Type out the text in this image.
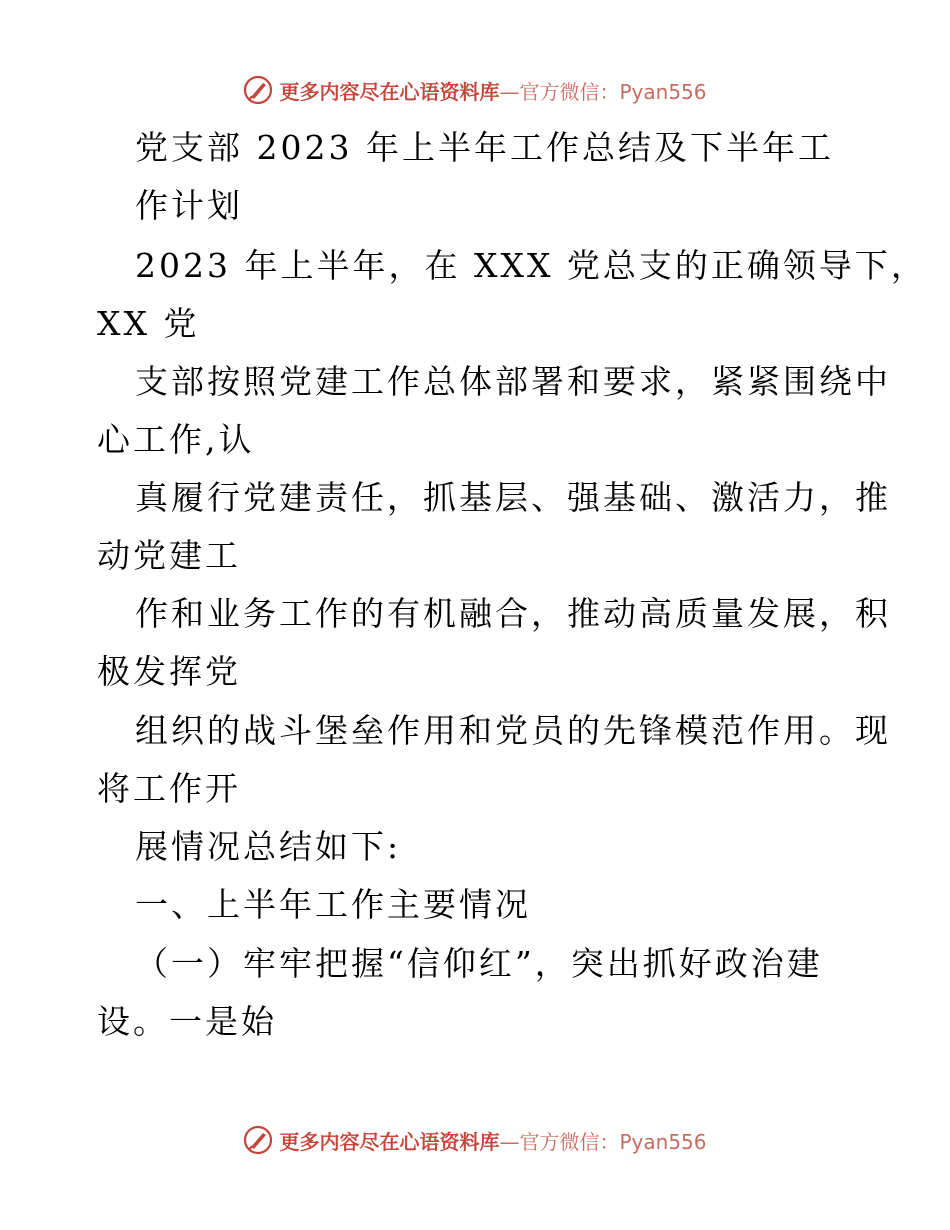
更多内容尽在心语资料库—官方微信：Pyan556
党支部 2023 年上半年工作总结及下半年工
作计划
2023 年上半年，在 XXX 党总支的正确领导下，
XX 党
支部按照党建工作总体部署和要求，紧紧围绕中
心工作,认
真履行党建责任，抓基层、强基础、激活力，推
动党建工
作和业务工作的有机融合，推动高质量发展，积
极发挥党
组织的战斗堡垒作用和党员的先锋模范作用。现
将工作开
展情况总结如下:
一、上半年工作主要情况
（一）牢牢把握“信仰红”，突出抓好政治建
设。一是始
更多内容尽在心语资料库—官方微信：Pyan556
